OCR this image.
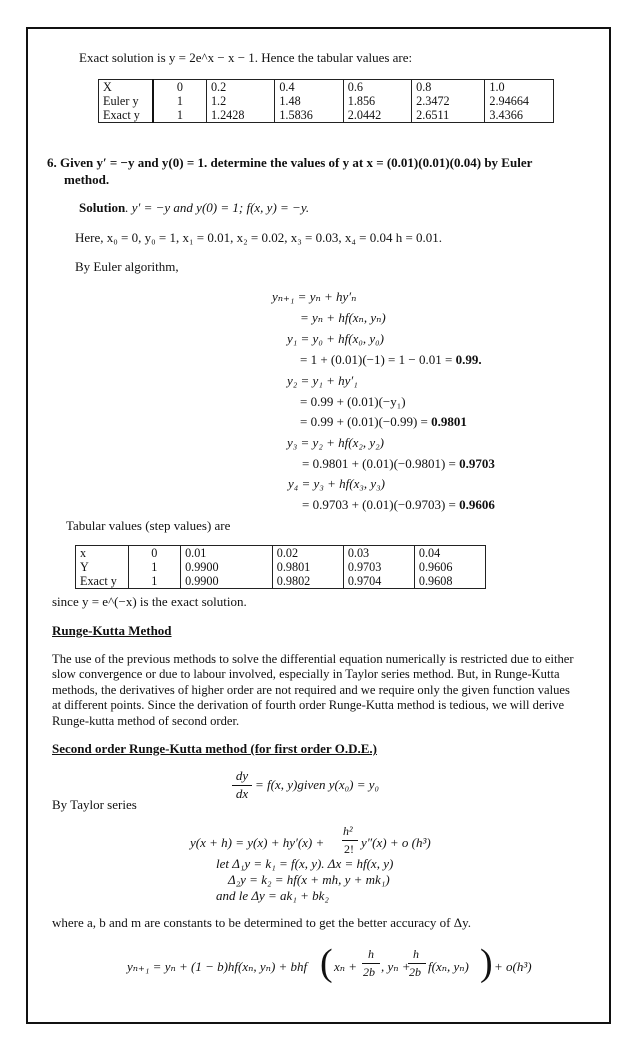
Exact solution is y = 2e^x − x − 1. Hence the tabular values are:
X	0	0.2	0.4	0.6	0.8	1.0
Euler y	1	1.2	1.48	1.856	2.3472	2.94664
Exact y	1	1.2428	1.5836	2.0442	2.6511	3.4366
6. Given y′ = −y and y(0) = 1. determine the values of y at x = (0.01)(0.01)(0.04) by Euler
method.
Solution. y′ = −y and y(0) = 1; f(x, y) = −y.
Here, x₀ = 0, y₀ = 1, x₁ = 0.01, x₂ = 0.02, x₃ = 0.03, x₄ = 0.04 h = 0.01.
By Euler algorithm,
yₙ₊₁ = yₙ + hy′ₙ
= yₙ + hf(xₙ, yₙ)
y₁ = y₀ + hf(x₀, y₀)
= 1 + (0.01)(−1) = 1 − 0.01 = 0.99.
y₂ = y₁ + hy′₁
= 0.99 + (0.01)(−y₁)
= 0.99 + (0.01)(−0.99) = 0.9801
y₃ = y₂ + hf(x₂, y₂)
= 0.9801 + (0.01)(−0.9801) = 0.9703
y₄ = y₃ + hf(x₃, y₃)
= 0.9703 + (0.01)(−0.9703) = 0.9606
Tabular values (step values) are
x	0	0.01	0.02	0.03	0.04
Y	1	0.9900	0.9801	0.9703	0.9606
Exact y	1	0.9900	0.9802	0.9704	0.9608
since y = e^(−x) is the exact solution.
Runge-Kutta Method
The use of the previous methods to solve the differential equation numerically is restricted due to either slow convergence or due to labour involved, especially in Taylor series method. But, in Runge-Kutta methods, the derivatives of higher order are not required and we require only the given function values at different points. Since the derivation of fourth order Runge-Kutta method is tedious, we will derive Runge-kutta method of second order.
Second order Runge-Kutta method (for first order O.D.E.)
dy
dx
= f(x, y)given y(x₀) = y₀
By Taylor series
y(x + h) = y(x) + hy′(x) +
h²
2! y″(x) + o (h³)
let Δ₁y = k₁ = f(x, y). Δx = hf(x, y)
Δ₂y = k₂ = hf(x + mh, y + mk₁)
and le Δy = ak₁ + bk₂
where a, b and m are constants to be determined to get the better accuracy of Δy.
yₙ₊₁ = yₙ + (1 − b)hf(xₙ, yₙ) + bhf ( xₙ +
h
2b , yₙ +
h
2b f(xₙ, yₙ) ) + o(h³)
